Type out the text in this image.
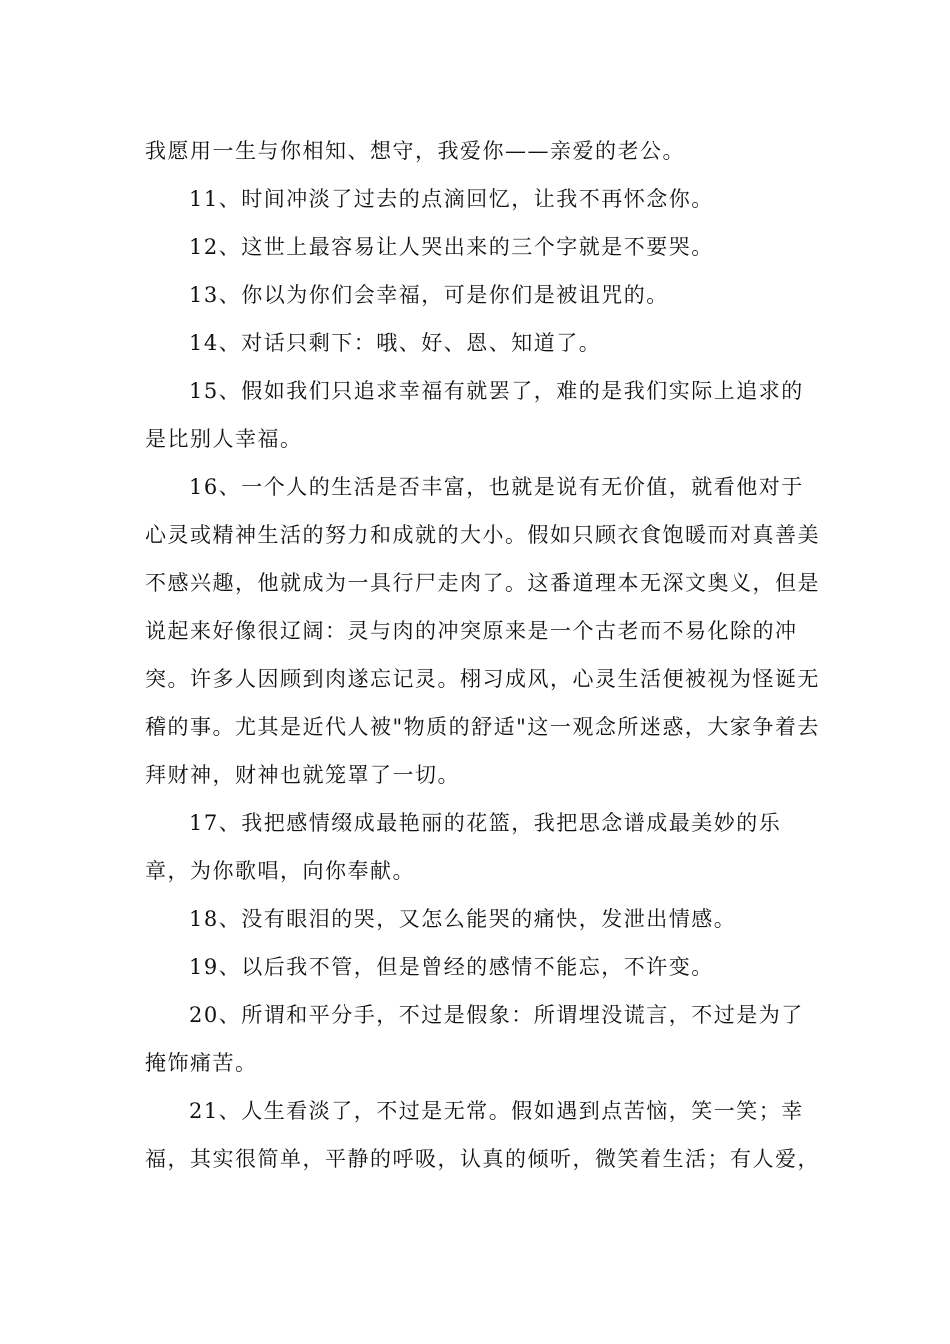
我愿用一生与你相知、想守，我爱你——亲爱的老公。

11、时间冲淡了过去的点滴回忆，让我不再怀念你。

12、这世上最容易让人哭出来的三个字就是不要哭。

13、你以为你们会幸福，可是你们是被诅咒的。

14、对话只剩下：哦、好、恩、知道了。

15、假如我们只追求幸福有就罢了，难的是我们实际上追求的是比别人幸福。

16、一个人的生活是否丰富，也就是说有无价值，就看他对于心灵或精神生活的努力和成就的大小。假如只顾衣食饱暖而对真善美不感兴趣，他就成为一具行尸走肉了。这番道理本无深文奥义，但是说起来好像很辽阔：灵与肉的冲突原来是一个古老而不易化除的冲突。许多人因顾到肉遂忘记灵。栩习成风，心灵生活便被视为怪诞无稽的事。尤其是近代人被"物质的舒适"这一观念所迷惑，大家争着去拜财神，财神也就笼罩了一切。

17、我把感情缀成最艳丽的花篮，我把思念谱成最美妙的乐章，为你歌唱，向你奉献。

18、没有眼泪的哭，又怎么能哭的痛快，发泄出情感。

19、以后我不管，但是曾经的感情不能忘，不许变。

20、所谓和平分手，不过是假象：所谓埋没谎言，不过是为了掩饰痛苦。

21、人生看淡了，不过是无常。假如遇到点苦恼，笑一笑；幸福，其实很简单，平静的呼吸，认真的倾听，微笑着生活；有人爱，
